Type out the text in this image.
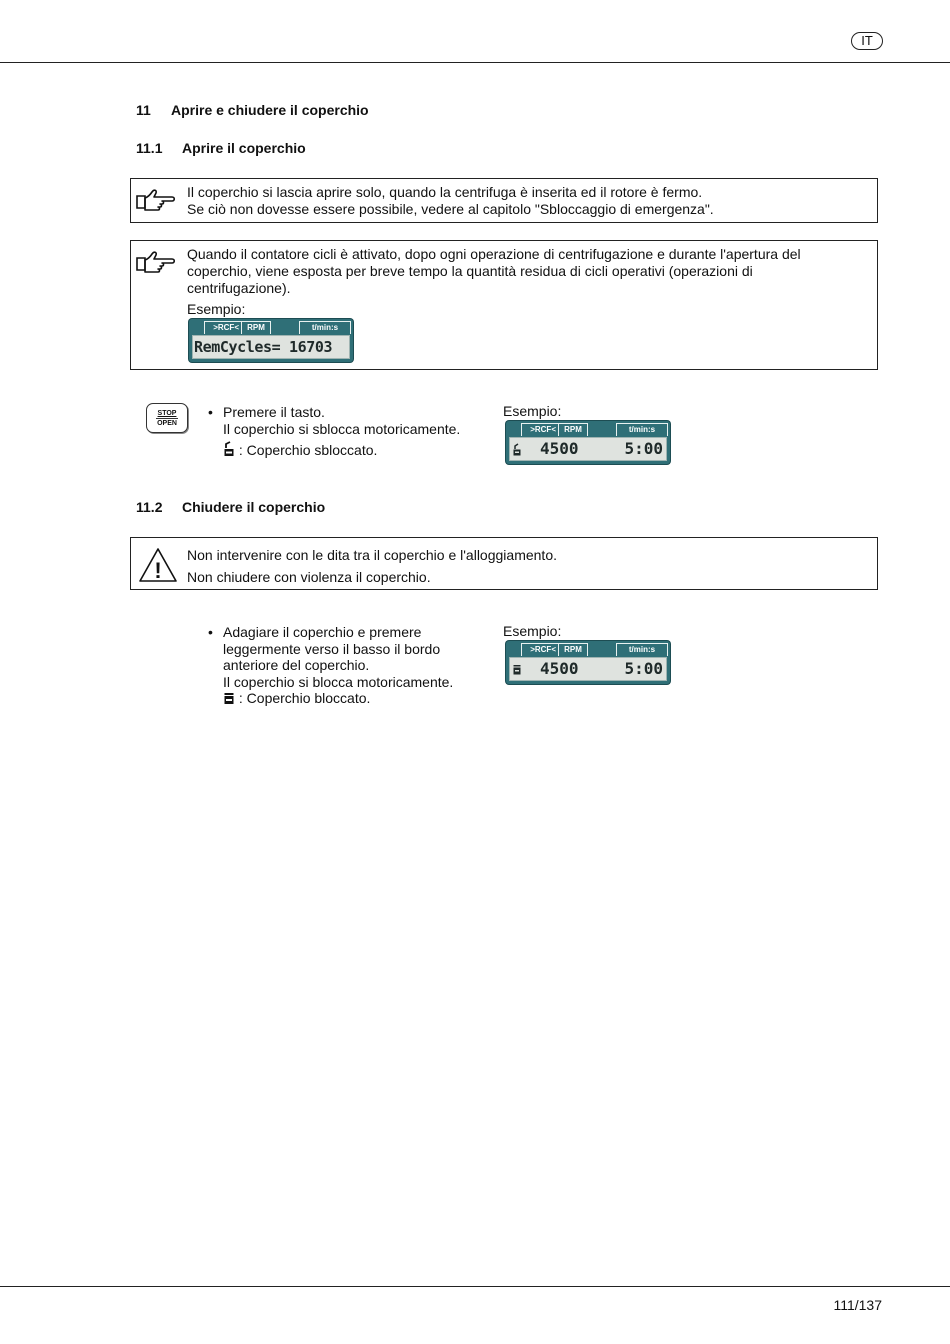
IT
11 Aprire e chiudere il coperchio
11.1 Aprire il coperchio
Il coperchio si lascia aprire solo, quando la centrifuga è inserita ed il rotore è fermo.
Se ciò non dovesse essere possibile, vedere al capitolo "Sbloccaggio di emergenza".
Quando il contatore cicli è attivato, dopo ogni operazione di centrifugazione e durante l'apertura del
coperchio, viene esposta per breve tempo la quantità residua di cicli operativi (operazioni di
centrifugazione).
Esempio:
>RCF<	RPM	t/min:s
RemCycles= 16703
STOP
OPEN
• Premere il tasto.
Il coperchio si sblocca motoricamente.
: Coperchio sbloccato.
Esempio:
>RCF<	RPM	t/min:s
4500	5:00
11.2 Chiudere il coperchio
!
Non intervenire con le dita tra il coperchio e l'alloggiamento.
Non chiudere con violenza il coperchio.
• Adagiare il coperchio e premere
leggermente verso il basso il bordo
anteriore del coperchio.
Il coperchio si blocca motoricamente.
: Coperchio bloccato.
Esempio:
>RCF<	RPM	t/min:s
4500	5:00
111/137
